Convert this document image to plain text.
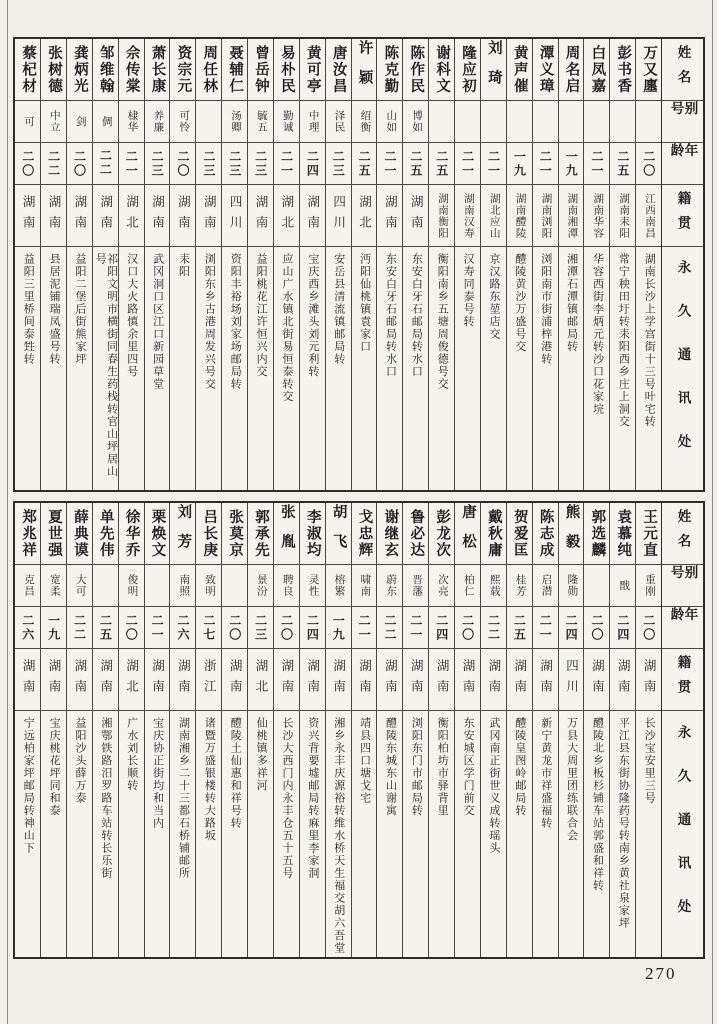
姓名
别号
年龄
籍贯
永久通讯处
万又廛
二〇
江西南昌
湖南长沙上学宫街十三号叶宅转
彭书香
二五
湖南耒阳
常宁秧田圩转耒阳西乡庄上洞交
白凤嘉
二一
湖南华容
华容西街李炳元转沙口花家垸
周名启
一九
湖南湘潭
湘潭石潭镇邮局转
潭义璋
二一
湖南浏阳
浏阳南市街浦梓港转
黄声催
一九
湖南醴陵
醴陵黄沙万盛号交
刘琦
二一
湖北应山
京汉路东堃店交
隆应初
二一
湖南汉寿
汉寿同泰号转
谢科文
二五
湖南衡阳
衡阳南乡五塘周俊德号交
陈作民
博如
二五
湖南
东安白牙石邮局转水口
陈克勤
山如
二一
湖南
东安白牙石邮局转水口
许颖
绍衡
二五
湖北
沔阳仙桃镇袁家口
唐汝昌
泽民
二三
四川
安岳县清流镇邮局转
黄可亭
中理
二四
湖南
宝庆西乡滩头刘元利转
易朴民
勤诚
二一
湖北
应山广水镇北街易恒泰转交
曾岳钟
毓五
二三
湖南
益阳桃花江许恒兴内交
聂辅仁
汤卿
二三
四川
资阳丰裕场刘家场邮局转
周任林
二三
湖南
浏阳东乡古港周发兴号交
资宗元
可怜
二〇
湖南
耒阳
萧长康
养廉
二三
湖南
武冈洞口区江口新园草堂
佘传棠
棣华
二一
湖北
汉口大火路慎余里四号
邹维翰
倜
二二
湖南
祁阳文明市横街同春生药栈转官山坪居山号
龚炳光
剑
二〇
湖南
益阳二堡后街熊家坪
张树德
中立
二二
湖南
县居泥铺瑞凤盛号转
蔡杞材
可
二〇
湖南
益阳三里桥间泰甡转
姓名
别号
年龄
籍贯
永久通讯处
王元直
重刚
二〇
湖南
长沙宝安里三号
袁慕纯
戬
二四
湖南
平江县东街协隆药号转南乡黄社泉家坪
郭选麟
二〇
湖南
醴陵北乡板杉铺车站郭盛和祥转
熊毅
隆勋
二四
四川
万县大周里团练联合会
陈志成
启潜
二一
湖南
新宁黄龙市祥盛福转
贺爱匡
桂芳
二五
湖南
醴陵皇图岭邮局转
戴秋庸
熙载
二二
湖南
武冈南正街世义成转瑶头
唐松
柏仁
二〇
湖南
东安城区学门前交
彭龙次
次亮
二四
湖南
衡阳柏坊市驿背里
鲁必达
晋藩
二一
湖南
浏阳东门市邮局转
谢继玄
蔚东
二二
湖南
醴陵东城东山谢寓
戈忠辉
啸南
二一
湖南
靖县四口塘戈宅
胡飞
榕繁
一九
湖南
湘乡永丰庆源裕转维水桥天生福交胡六吾堂
李淑均
灵性
二四
湖南
资兴背要墟邮局转麻里李家洞
张胤
聘良
二〇
湖南
长沙大西门内永丰仓五十五号
郭承先
景汾
二三
湖北
仙桃镇多祥河
张莫京
二〇
湖南
醴陵土仙惠和祥号转
吕长庚
致明
二七
浙江
诸暨万盛银楼转大路坂
刘芳
南照
二六
湖南
湖南湘乡二十三都石桥铺邮所
栗焕文
二一
湖南
宝庆协正街均和当内
徐华乔
俊明
二〇
湖北
广水刘长顺转
单先伟
二五
湖南
湘鄂铁路汨罗路车站转长乐街
薛典谟
大可
二二
湖南
益阳沙头薛万泰
夏世强
宽柔
一九
湖南
宝庆桃花坪同和泰
郑兆祥
克昌
二六
湖南
宁远柏家坪邮局转神山下
270
